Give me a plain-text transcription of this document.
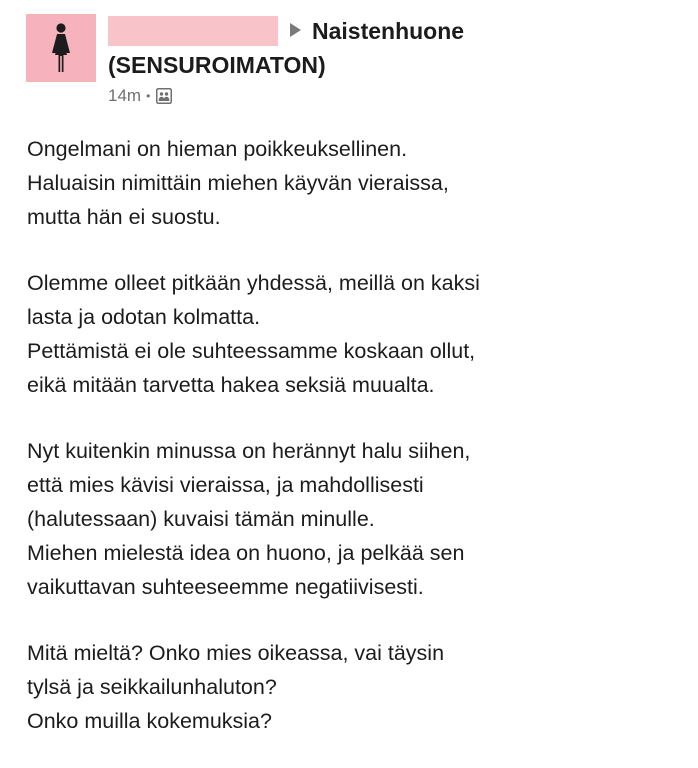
Naistenhuone
(SENSUROIMATON)
14m •
Ongelmani on hieman poikkeuksellinen.
Haluaisin nimittäin miehen käyvän vieraissa,
mutta hän ei suostu.
Olemme olleet pitkään yhdessä, meillä on kaksi
lasta ja odotan kolmatta.
Pettämistä ei ole suhteessamme koskaan ollut,
eikä mitään tarvetta hakea seksiä muualta.
Nyt kuitenkin minussa on herännyt halu siihen,
että mies kävisi vieraissa, ja mahdollisesti
(halutessaan) kuvaisi tämän minulle.
Miehen mielestä idea on huono, ja pelkää sen
vaikuttavan suhteeseemme negatiivisesti.
Mitä mieltä? Onko mies oikeassa, vai täysin
tylsä ja seikkailunhaluton?
Onko muilla kokemuksia?
